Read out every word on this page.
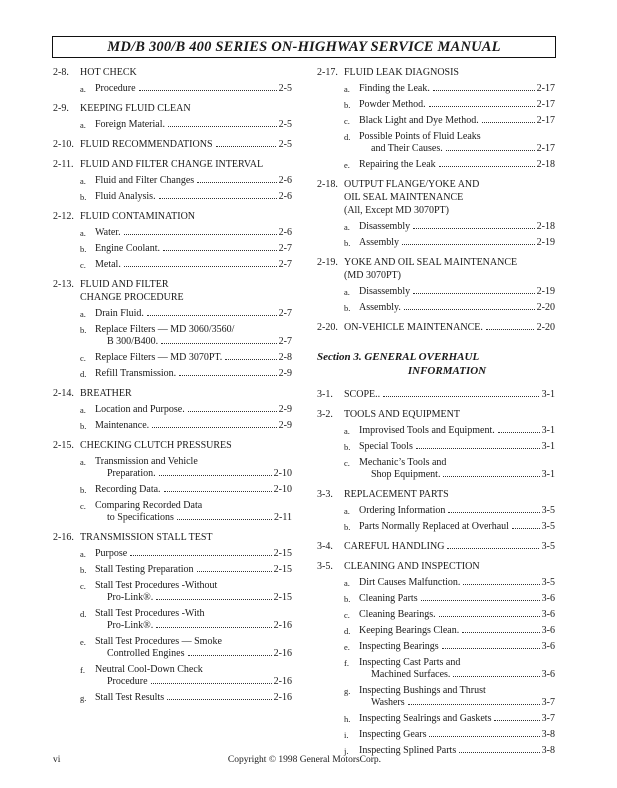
MD/B 300/B 400 SERIES ON-HIGHWAY SERVICE MANUAL
2-8.	HOT CHECK
a. Procedure	2-5
2-9.	KEEPING FLUID CLEAN
a. Foreign Material.	2-5
2-10. FLUID RECOMMENDATIONS	2-5
2-11. FLUID AND FILTER CHANGE INTERVAL
a. Fluid and Filter Changes	2-6
b. Fluid Analysis.	2-6
2-12. FLUID CONTAMINATION
a. Water.	2-6
b. Engine Coolant.	2-7
c. Metal.	2-7
2-13. FLUID AND FILTER
CHANGE PROCEDURE
a. Drain Fluid.	2-7
b. Replace Filters — MD 3060/3560/
B 300/B400.	2-7
c. Replace Filters — MD 3070PT.	2-8
d. Refill Transmission.	2-9
2-14. BREATHER
a. Location and Purpose.	2-9
b. Maintenance.	2-9
2-15. CHECKING CLUTCH PRESSURES
a. Transmission and Vehicle
Preparation.	2-10
b. Recording Data.	2-10
c. Comparing Recorded Data
to Specifications	2-11
2-16. TRANSMISSION STALL TEST
a. Purpose	2-15
b. Stall Testing Preparation	2-15
c. Stall Test Procedures -Without
Pro-Link®.	2-15
d. Stall Test Procedures -With
Pro-Link®.	2-16
e. Stall Test Procedures — Smoke
Controlled Engines	2-16
f.	Neutral Cool-Down Check
Procedure	2-16
g. Stall Test Results	2-16
2-17. FLUID LEAK DIAGNOSIS
a. Finding the Leak.	2-17
b. Powder Method.	2-17
c. Black Light and Dye Method.	2-17
d. Possible Points of Fluid Leaks
and Their Causes.	2-17
e. Repairing the Leak	2-18
2-18. OUTPUT FLANGE/YOKE AND
OIL SEAL MAINTENANCE
(All, Except MD 3070PT)
a. Disassembly	2-18
b. Assembly	2-19
2-19. YOKE AND OIL SEAL MAINTENANCE
(MD 3070PT)
a. Disassembly	2-19
b. Assembly.	2-20
2-20. ON-VEHICLE MAINTENANCE.	2-20
Section 3. GENERAL OVERHAUL
INFORMATION
3-1.	SCOPE..	3-1
3-2.	TOOLS AND EQUIPMENT
a. Improvised Tools and Equipment.	3-1
b. Special Tools	3-1
c. Mechanic’s Tools and
Shop Equipment.	3-1
3-3.	REPLACEMENT PARTS
a. Ordering Information	3-5
b. Parts Normally Replaced at Overhaul	3-5
3-4.	CAREFUL HANDLING	3-5
3-5.	CLEANING AND INSPECTION
a. Dirt Causes Malfunction.	3-5
b. Cleaning Parts	3-6
c. Cleaning Bearings.	3-6
d. Keeping Bearings Clean.	3-6
e. Inspecting Bearings	3-6
f.	Inspecting Cast Parts and
Machined Surfaces.	3-6
g. Inspecting Bushings and Thrust
Washers	3-7
h. Inspecting Sealrings and Gaskets	3-7
i.	Inspecting Gears	3-8
j.	Inspecting Splined Parts	3-8
vi	Copyright © 1998 General MotorsCorp.
